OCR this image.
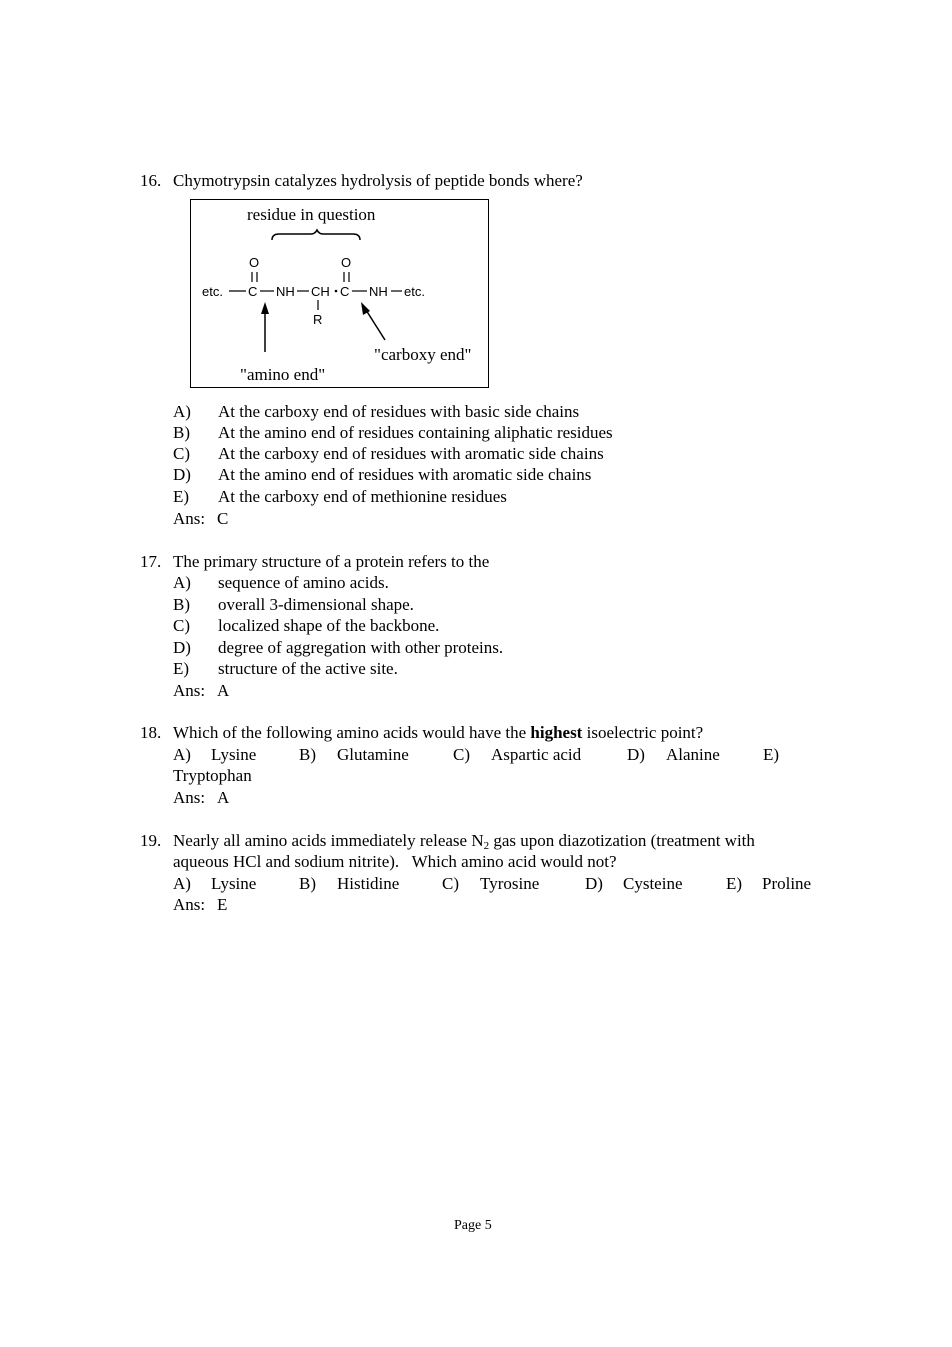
16. Chymotrypsin catalyzes hydrolysis of peptide bonds where?
residue in question
O	O
etc. C NH CH C NH etc.
R
"carboxy end"
"amino end"
A) At the carboxy end of residues with basic side chains
B) At the amino end of residues containing aliphatic residues
C) At the carboxy end of residues with aromatic side chains
D) At the amino end of residues with aromatic side chains
E) At the carboxy end of methionine residues
Ans: C
17. The primary structure of a protein refers to the
A) sequence of amino acids.
B) overall 3-dimensional shape.
C) localized shape of the backbone.
D) degree of aggregation with other proteins.
E) structure of the active site.
Ans: A
18. Which of the following amino acids would have the highest isoelectric point?
A) Lysine	B) Glutamine	C) Aspartic acid	D) Alanine	E)
Tryptophan
Ans: A
19. Nearly all amino acids immediately release $N_2$ gas upon diazotization (treatment with
aqueous HCl and sodium nitrite).   Which amino acid would not?
A) Lysine	B) Histidine	C) Tyrosine	D) Cysteine	E) Proline
Ans: E
Page 5
